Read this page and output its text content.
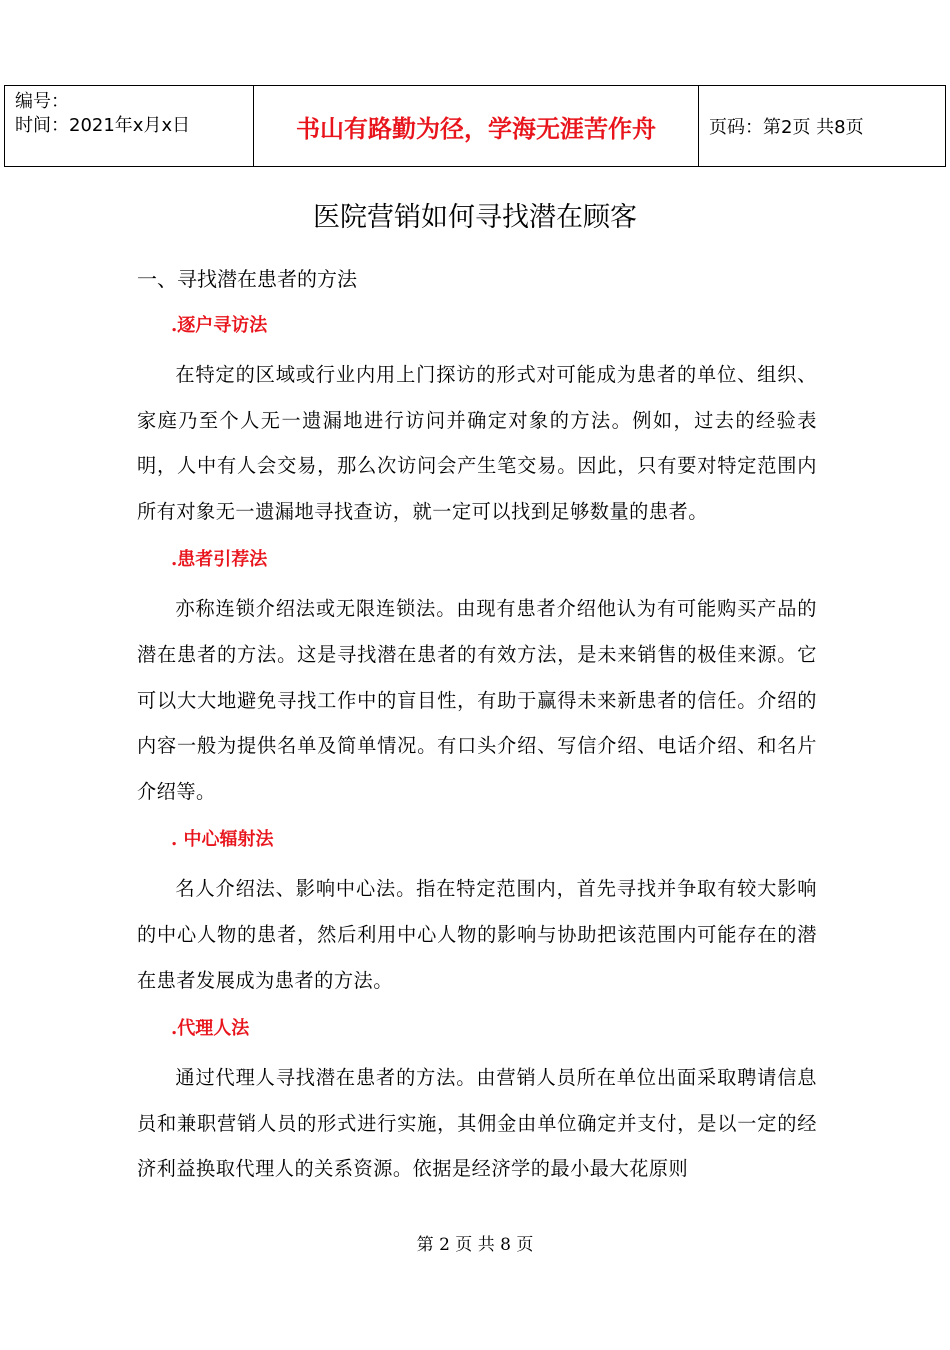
编号：
时间：2021年x月x日	书山有路勤为径，学海无涯苦作舟	页码：第2页 共8页
医院营销如何寻找潜在顾客
一、寻找潜在患者的方法
.逐户寻访法

在特定的区域或行业内用上门探访的形式对可能成为患者的单位、组织、家庭乃至个人无一遗漏地进行访问并确定对象的方法。例如，过去的经验表明，人中有人会交易，那么次访问会产生笔交易。因此，只有要对特定范围内所有对象无一遗漏地寻找查访，就一定可以找到足够数量的患者。

.患者引荐法

亦称连锁介绍法或无限连锁法。由现有患者介绍他认为有可能购买产品的潜在患者的方法。这是寻找潜在患者的有效方法，是未来销售的极佳来源。它可以大大地避免寻找工作中的盲目性，有助于赢得未来新患者的信任。介绍的内容一般为提供名单及简单情况。有口头介绍、写信介绍、电话介绍、和名片介绍等。

. 中心辐射法

名人介绍法、影响中心法。指在特定范围内，首先寻找并争取有较大影响的中心人物的患者，然后利用中心人物的影响与协助把该范围内可能存在的潜在患者发展成为患者的方法。

.代理人法

通过代理人寻找潜在患者的方法。由营销人员所在单位出面采取聘请信息员和兼职营销人员的形式进行实施，其佣金由单位确定并支付，是以一定的经济利益换取代理人的关系资源。依据是经济学的最小最大花原则

第 2 页 共 8 页
